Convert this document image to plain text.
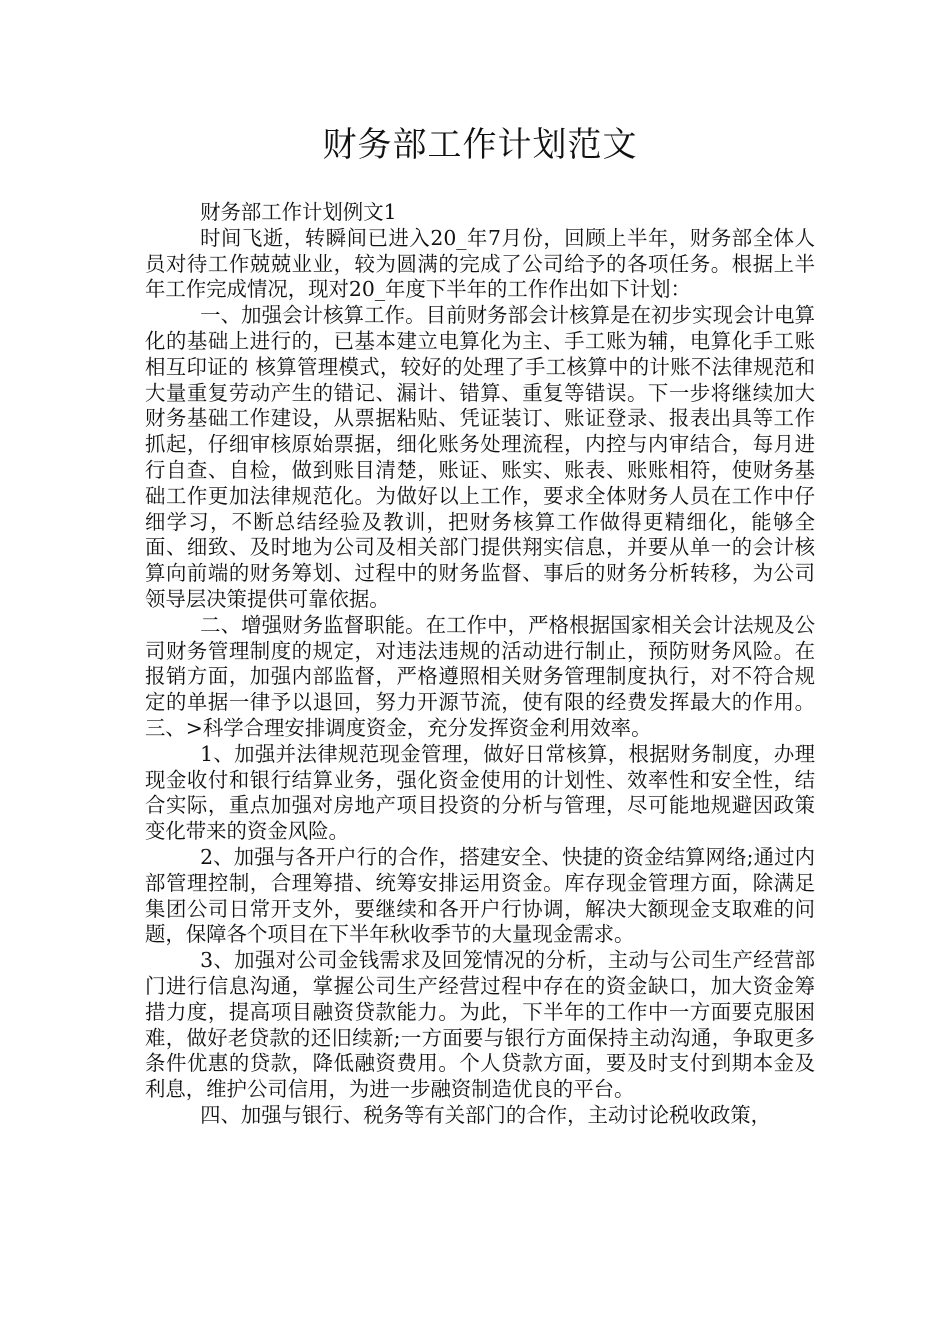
财务部工作计划范文

财务部工作计划例文1

时间飞逝，转瞬间已进入20_年7月份，回顾上半年，财务部全体人员对待工作兢兢业业，较为圆满的完成了公司给予的各项任务。根据上半年工作完成情况，现对20_年度下半年的工作作出如下计划：

一、加强会计核算工作。目前财务部会计核算是在初步实现会计电算化的基础上进行的，已基本建立电算化为主、手工账为辅，电算化手工账相互印证的 核算管理模式，较好的处理了手工核算中的计账不法律规范和大量重复劳动产生的错记、漏计、错算、重复等错误。下一步将继续加大财务基础工作建设，从票据粘贴、凭证装订、账证登录、报表出具等工作抓起，仔细审核原始票据，细化账务处理流程，内控与内审结合，每月进行自查、自检，做到账目清楚，账证、账实、账表、账账相符，使财务基础工作更加法律规范化。为做好以上工作，要求全体财务人员在工作中仔细学习，不断总结经验及教训，把财务核算工作做得更精细化，能够全面、细致、及时地为公司及相关部门提供翔实信息，并要从单一的会计核算向前端的财务筹划、过程中的财务监督、事后的财务分析转移，为公司领导层决策提供可靠依据。

二、增强财务监督职能。在工作中，严格根据国家相关会计法规及公司财务管理制度的规定，对违法违规的活动进行制止，预防财务风险。在报销方面，加强内部监督，严格遵照相关财务管理制度执行，对不符合规定的单据一律予以退回，努力开源节流，使有限的经费发挥最大的作用。三、>科学合理安排调度资金，充分发挥资金利用效率。

1、加强并法律规范现金管理，做好日常核算，根据财务制度，办理现金收付和银行结算业务，强化资金使用的计划性、效率性和安全性，结合实际，重点加强对房地产项目投资的分析与管理，尽可能地规避因政策变化带来的资金风险。

2、加强与各开户行的合作，搭建安全、快捷的资金结算网络;通过内部管理控制，合理筹措、统筹安排运用资金。库存现金管理方面，除满足集团公司日常开支外，要继续和各开户行协调，解决大额现金支取难的问题，保障各个项目在下半年秋收季节的大量现金需求。

3、加强对公司金钱需求及回笼情况的分析，主动与公司生产经营部门进行信息沟通，掌握公司生产经营过程中存在的资金缺口，加大资金筹措力度，提高项目融资贷款能力。为此，下半年的工作中一方面要克服困难，做好老贷款的还旧续新;一方面要与银行方面保持主动沟通，争取更多条件优惠的贷款，降低融资费用。个人贷款方面，要及时支付到期本金及利息，维护公司信用，为进一步融资制造优良的平台。

四、加强与银行、税务等有关部门的合作，主动讨论税收政策，
